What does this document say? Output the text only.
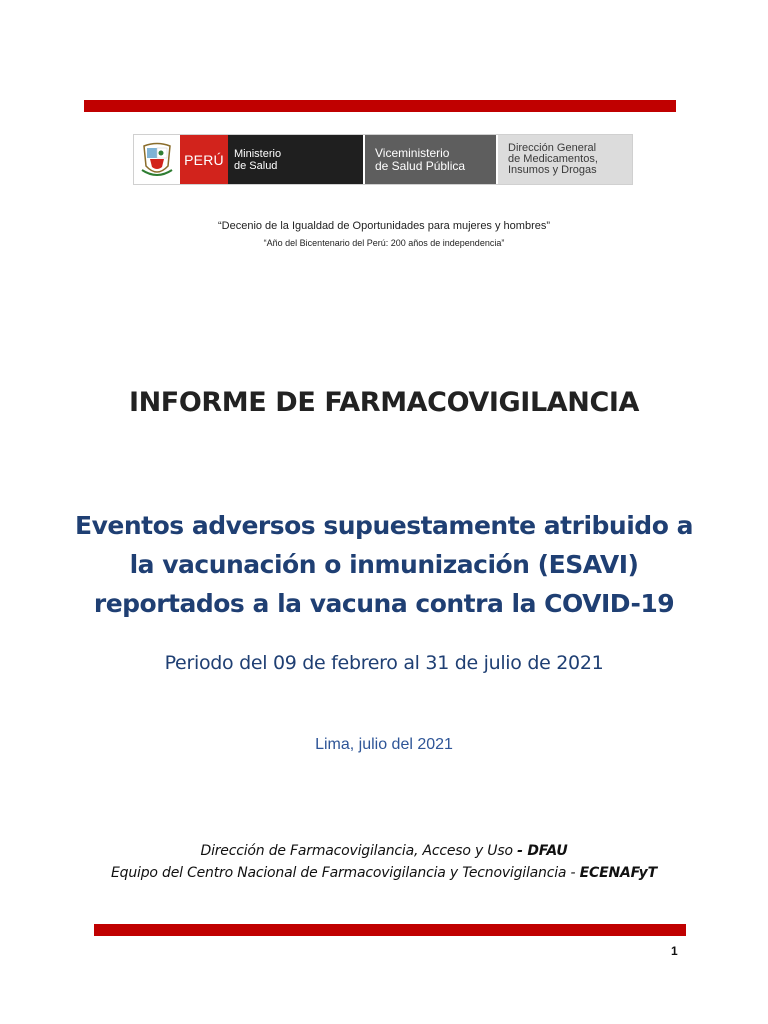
PERÚ Ministerio
de Salud
Viceministerio
de Salud Pública
Dirección General
de Medicamentos,
Insumos y Drogas
“Decenio de la Igualdad de Oportunidades para mujeres y hombres”
“Año del Bicentenario del Perú: 200 años de independencia”
INFORME DE FARMACOVIGILANCIA
Eventos adversos supuestamente atribuido a
la vacunación o inmunización (ESAVI)
reportados a la vacuna contra la COVID-19
Periodo del 09 de febrero al 31 de julio de 2021
Lima, julio del 2021
Dirección de Farmacovigilancia, Acceso y Uso - DFAU
Equipo del Centro Nacional de Farmacovigilancia y Tecnovigilancia - ECENAFyT
1
